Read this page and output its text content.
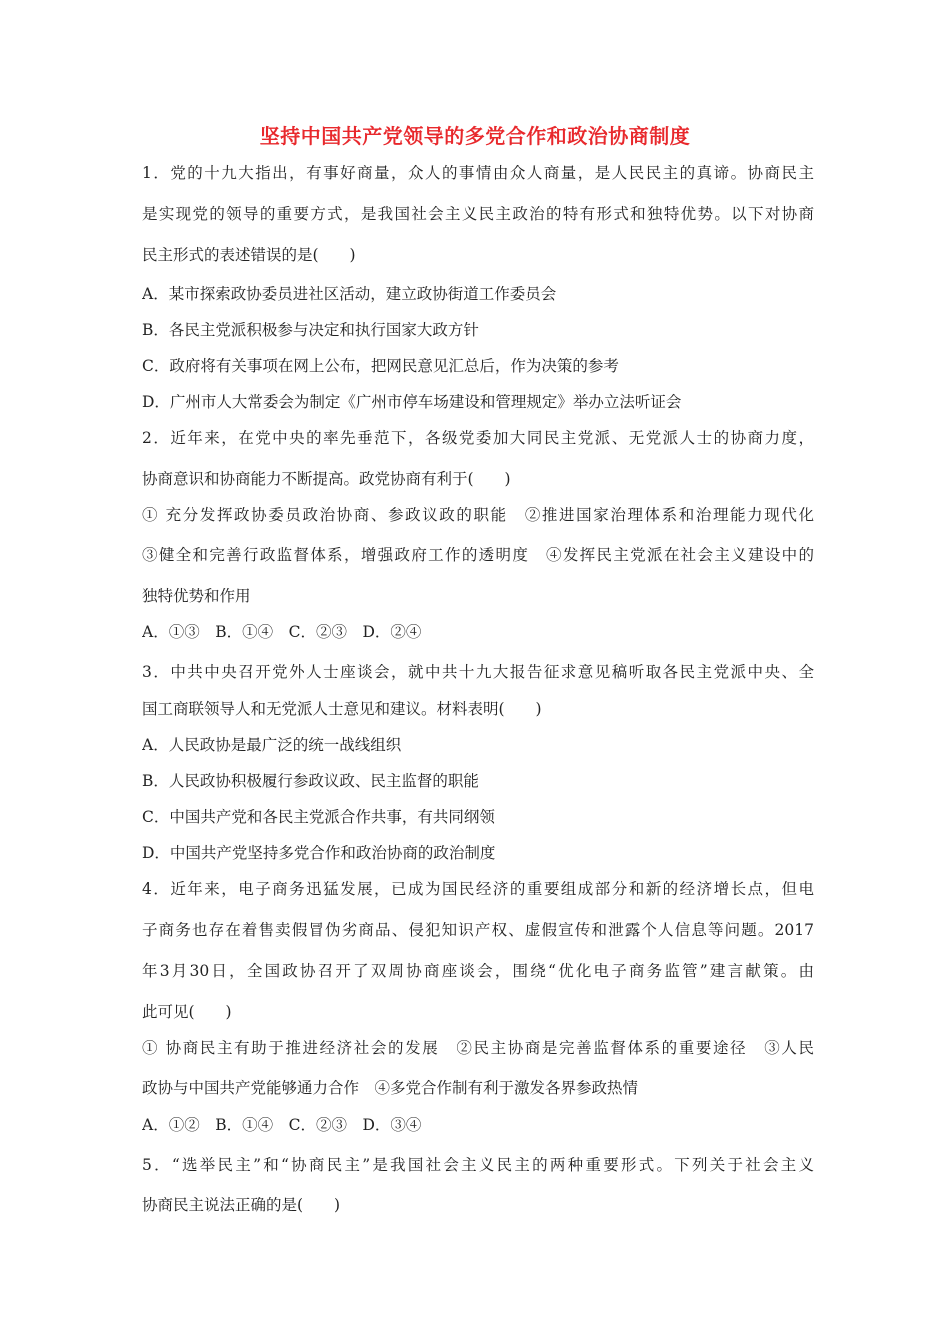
坚持中国共产党领导的多党合作和政治协商制度
1．党的十九大指出，有事好商量，众人的事情由众人商量，是人民民主的真谛。协商民主
是实现党的领导的重要方式，是我国社会主义民主政治的特有形式和独特优势。以下对协商
民主形式的表述错误的是(　　)
A．某市探索政协委员进社区活动，建立政协街道工作委员会
B．各民主党派积极参与决定和执行国家大政方针
C．政府将有关事项在网上公布，把网民意见汇总后，作为决策的参考
D．广州市人大常委会为制定《广州市停车场建设和管理规定》举办立法听证会
2．近年来，在党中央的率先垂范下，各级党委加大同民主党派、无党派人士的协商力度，
协商意识和协商能力不断提高。政党协商有利于(　　)
① 充分发挥政协委员政治协商、参政议政的职能　②推进国家治理体系和治理能力现代化
③健全和完善行政监督体系，增强政府工作的透明度　④发挥民主党派在社会主义建设中的
独特优势和作用
A．①③　B．①④　C．②③　D．②④
3．中共中央召开党外人士座谈会，就中共十九大报告征求意见稿听取各民主党派中央、全
国工商联领导人和无党派人士意见和建议。材料表明(　　)
A．人民政协是最广泛的统一战线组织
B．人民政协积极履行参政议政、民主监督的职能
C．中国共产党和各民主党派合作共事，有共同纲领
D．中国共产党坚持多党合作和政治协商的政治制度
4．近年来，电子商务迅猛发展，已成为国民经济的重要组成部分和新的经济增长点，但电
子商务也存在着售卖假冒伪劣商品、侵犯知识产权、虚假宣传和泄露个人信息等问题。2017
年3月30日，全国政协召开了双周协商座谈会，围绕“优化电子商务监管”建言献策。由
此可见(　　)
① 协商民主有助于推进经济社会的发展　②民主协商是完善监督体系的重要途径　③人民
政协与中国共产党能够通力合作　④多党合作制有利于激发各界参政热情
A．①②　B．①④　C．②③　D．③④
5．“选举民主”和“协商民主”是我国社会主义民主的两种重要形式。下列关于社会主义
协商民主说法正确的是(　　)
